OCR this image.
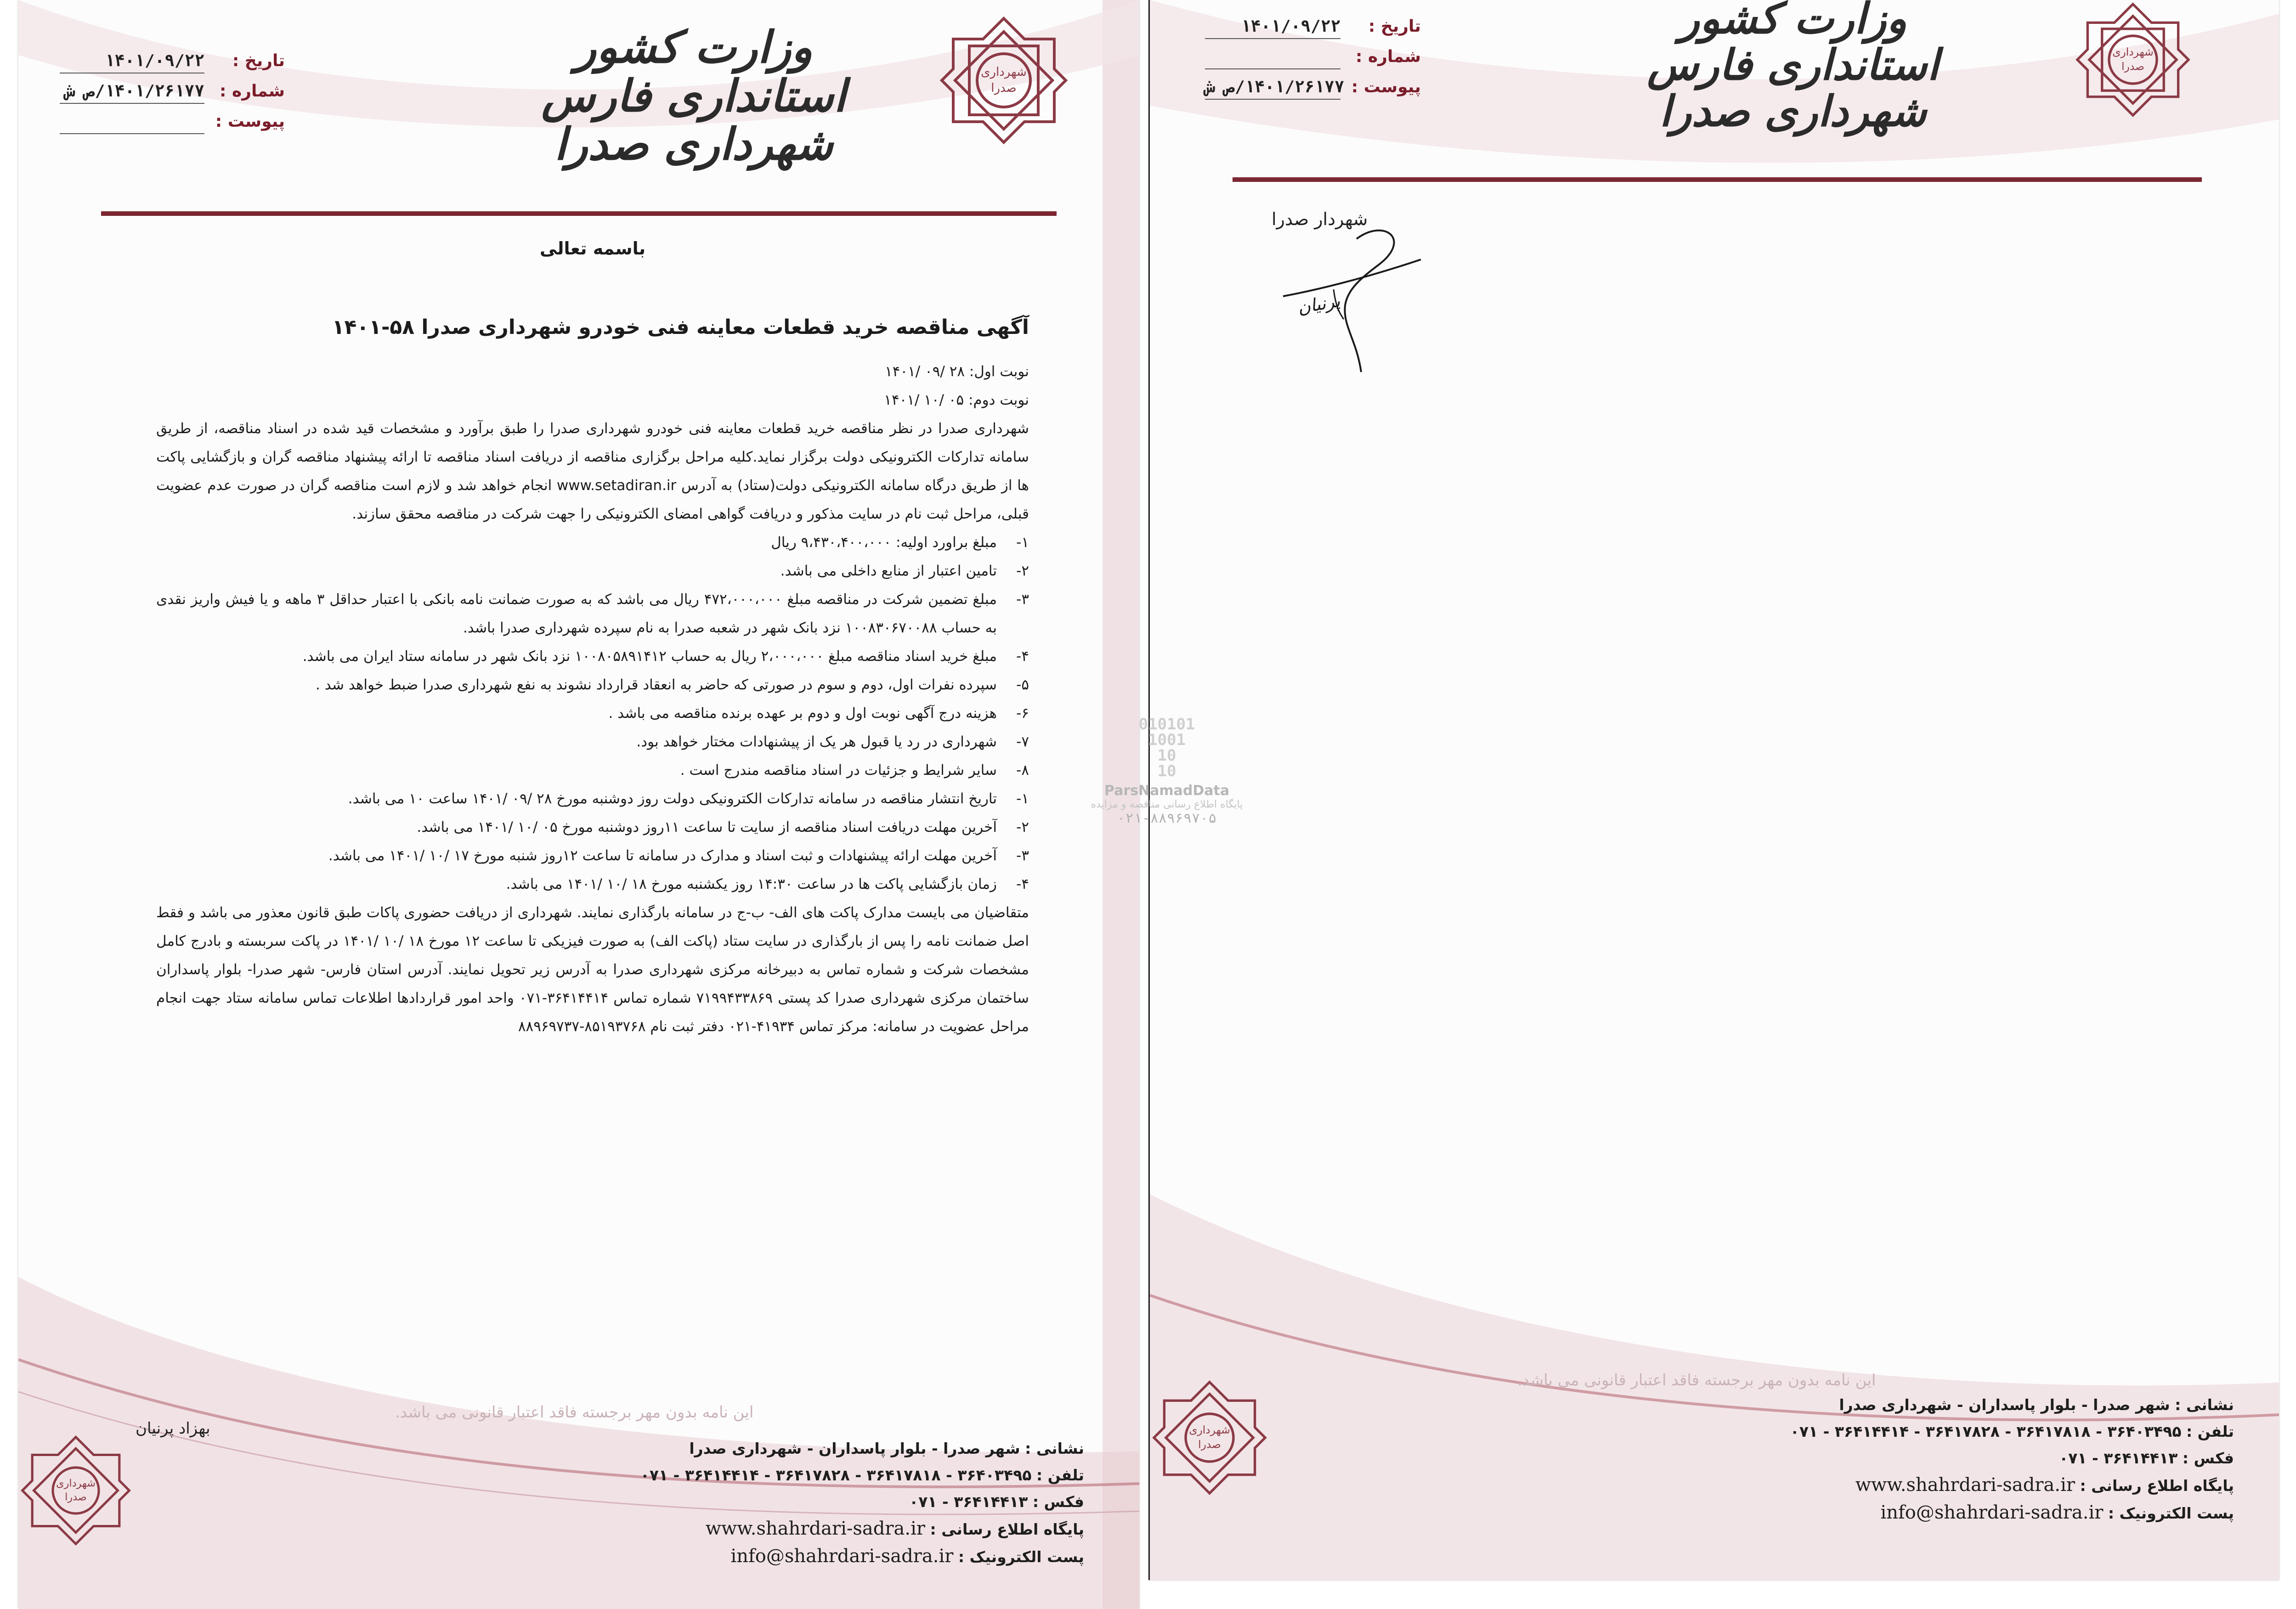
شهرداری
صدرا
وزارت کشور
استانداری فارس
شهرداری صدرا
تاریخ :
۱۴۰۱/۰۹/۲۲
شماره :
۱۴۰۱/۲۶۱۷۷/ص ش
پیوست :
باسمه تعالی
آگهی مناقصه خرید قطعات معاینه فنی خودرو شهرداری صدرا ۵۸-۱۴۰۱
نوبت اول: ۲۸ /۰۹ /۱۴۰۱
نوبت دوم: ۰۵ /۱۰ /۱۴۰۱
شهرداری صدرا در نظر مناقصه خرید قطعات معاینه فنی خودرو شهرداری صدرا را طبق برآورد و مشخصات قید شده در اسناد مناقصه، از طریق سامانه تدارکات الکترونیکی دولت برگزار نماید.کلیه مراحل برگزاری مناقصه از دریافت اسناد مناقصه تا ارائه پیشنهاد مناقصه گران و بازگشایی پاکت ها از طریق درگاه سامانه الکترونیکی دولت(ستاد) به آدرس www.setadiran.ir انجام خواهد شد و لازم است مناقصه گران در صورت عدم عضویت قبلی، مراحل ثبت نام در سایت مذکور و دریافت گواهی امضای الکترونیکی را جهت شرکت در مناقصه محقق سازند.
۱-
مبلغ براورد اولیه: ۹،۴۳۰،۴۰۰،۰۰۰ ریال
۲-
تامین اعتبار از منابع داخلی می باشد.
۳-
مبلغ تضمین شرکت در مناقصه مبلغ ۴۷۲،۰۰۰،۰۰۰ ریال می باشد که به صورت ضمانت نامه بانکی با اعتبار حداقل ۳ ماهه و یا فیش واریز نقدی به حساب ۱۰۰۸۳۰۶۷۰۰۸۸ نزد بانک شهر در شعبه صدرا به نام سپرده شهرداری صدرا باشد.
۴-
مبلغ خرید اسناد مناقصه مبلغ ۲،۰۰۰،۰۰۰ ریال به حساب ۱۰۰۸۰۵۸۹۱۴۱۲ نزد بانک شهر در سامانه ستاد ایران می باشد.
۵-
سپرده نفرات اول، دوم و سوم در صورتی که حاضر به انعقاد قرارداد نشوند به نفع شهرداری صدرا ضبط خواهد شد .
۶-
هزینه درج آگهی نوبت اول و دوم بر عهده برنده مناقصه می باشد .
۷-
شهرداری در رد یا قبول هر یک از پیشنهادات مختار خواهد بود.
۸-
سایر شرایط و جزئیات در اسناد مناقصه مندرج است .
۱-
تاریخ انتشار مناقصه در سامانه تدارکات الکترونیکی دولت روز دوشنبه مورخ ۲۸ /۰۹ /۱۴۰۱ ساعت ۱۰ می باشد.
۲-
آخرین مهلت دریافت اسناد مناقصه از سایت تا ساعت ۱۱روز دوشنبه مورخ ۰۵ /۱۰ /۱۴۰۱ می باشد.
۳-
آخرین مهلت ارائه پیشنهادات و ثبت اسناد و مدارک در سامانه تا ساعت ۱۲روز شنبه مورخ ۱۷ /۱۰ /۱۴۰۱ می باشد.
۴-
زمان بازگشایی پاکت ها در ساعت ۱۴:۳۰ روز یکشنبه مورخ ۱۸ /۱۰ /۱۴۰۱ می باشد.
متقاضیان می بایست مدارک پاکت های الف- ب-ج در سامانه بارگذاری نمایند. شهرداری از دریافت حضوری پاکات طبق قانون معذور می باشد و فقط اصل ضمانت نامه را پس از بارگذاری در سایت ستاد (پاکت الف) به صورت فیزیکی تا ساعت ۱۲ مورخ ۱۸ /۱۰ /۱۴۰۱ در پاکت سربسته و بادرج کامل مشخصات شرکت و شماره تماس به دبیرخانه مرکزی شهرداری صدرا به آدرس زیر تحویل نمایند. آدرس استان فارس- شهر صدرا- بلوار پاسداران ساختمان مرکزی شهرداری صدرا کد پستی ۷۱۹۹۴۳۳۸۶۹ شماره تماس ۳۶۴۱۴۴۱۴-۰۷۱ واحد امور قراردادها اطلاعات تماس سامانه ستاد جهت انجام مراحل عضویت در سامانه: مرکز تماس ۴۱۹۳۴-۰۲۱ دفتر ثبت نام ۸۵۱۹۳۷۶۸-۸۸۹۶۹۷۳۷
این نامه بدون مهر برجسته فاقد اعتبار قانونی می باشد.
بهزاد پرنیان
شهرداری
صدرا
نشانی : شهر صدرا - بلوار پاسداران - شهرداری صدرا
تلفن : ۳۶۴۰۳۴۹۵ - ۳۶۴۱۷۸۱۸ - ۳۶۴۱۷۸۲۸ - ۳۶۴۱۴۴۱۴ - ۰۷۱
فکس : ۳۶۴۱۴۴۱۳ - ۰۷۱
پایگاه اطلاع رسانی : www.shahrdari-sadra.ir
پست الکترونیک : info@shahrdari-sadra.ir
شهرداری
صدرا
وزارت کشور
استانداری فارس
شهرداری صدرا
تاریخ :
۱۴۰۱/۰۹/۲۲
شماره :
پیوست :
۱۴۰۱/۲۶۱۷۷/ص ش
شهردار صدرا
پرنیان
این نامه بدون مهر برجسته فاقد اعتبار قانونی می باشد.
شهرداری
صدرا
نشانی : شهر صدرا - بلوار پاسداران - شهرداری صدرا
تلفن : ۳۶۴۰۳۴۹۵ - ۳۶۴۱۷۸۱۸ - ۳۶۴۱۷۸۲۸ - ۳۶۴۱۴۴۱۴ - ۰۷۱
فکس : ۳۶۴۱۴۴۱۳ - ۰۷۱
پایگاه اطلاع رسانی : www.shahrdari-sadra.ir
پست الکترونیک : info@shahrdari-sadra.ir
010101
1001
10
10
ParsNamadData
پایگاه اطلاع رسانی مناقصه و مزایده
۰۲۱-۸۸۹۶۹۷۰۵
